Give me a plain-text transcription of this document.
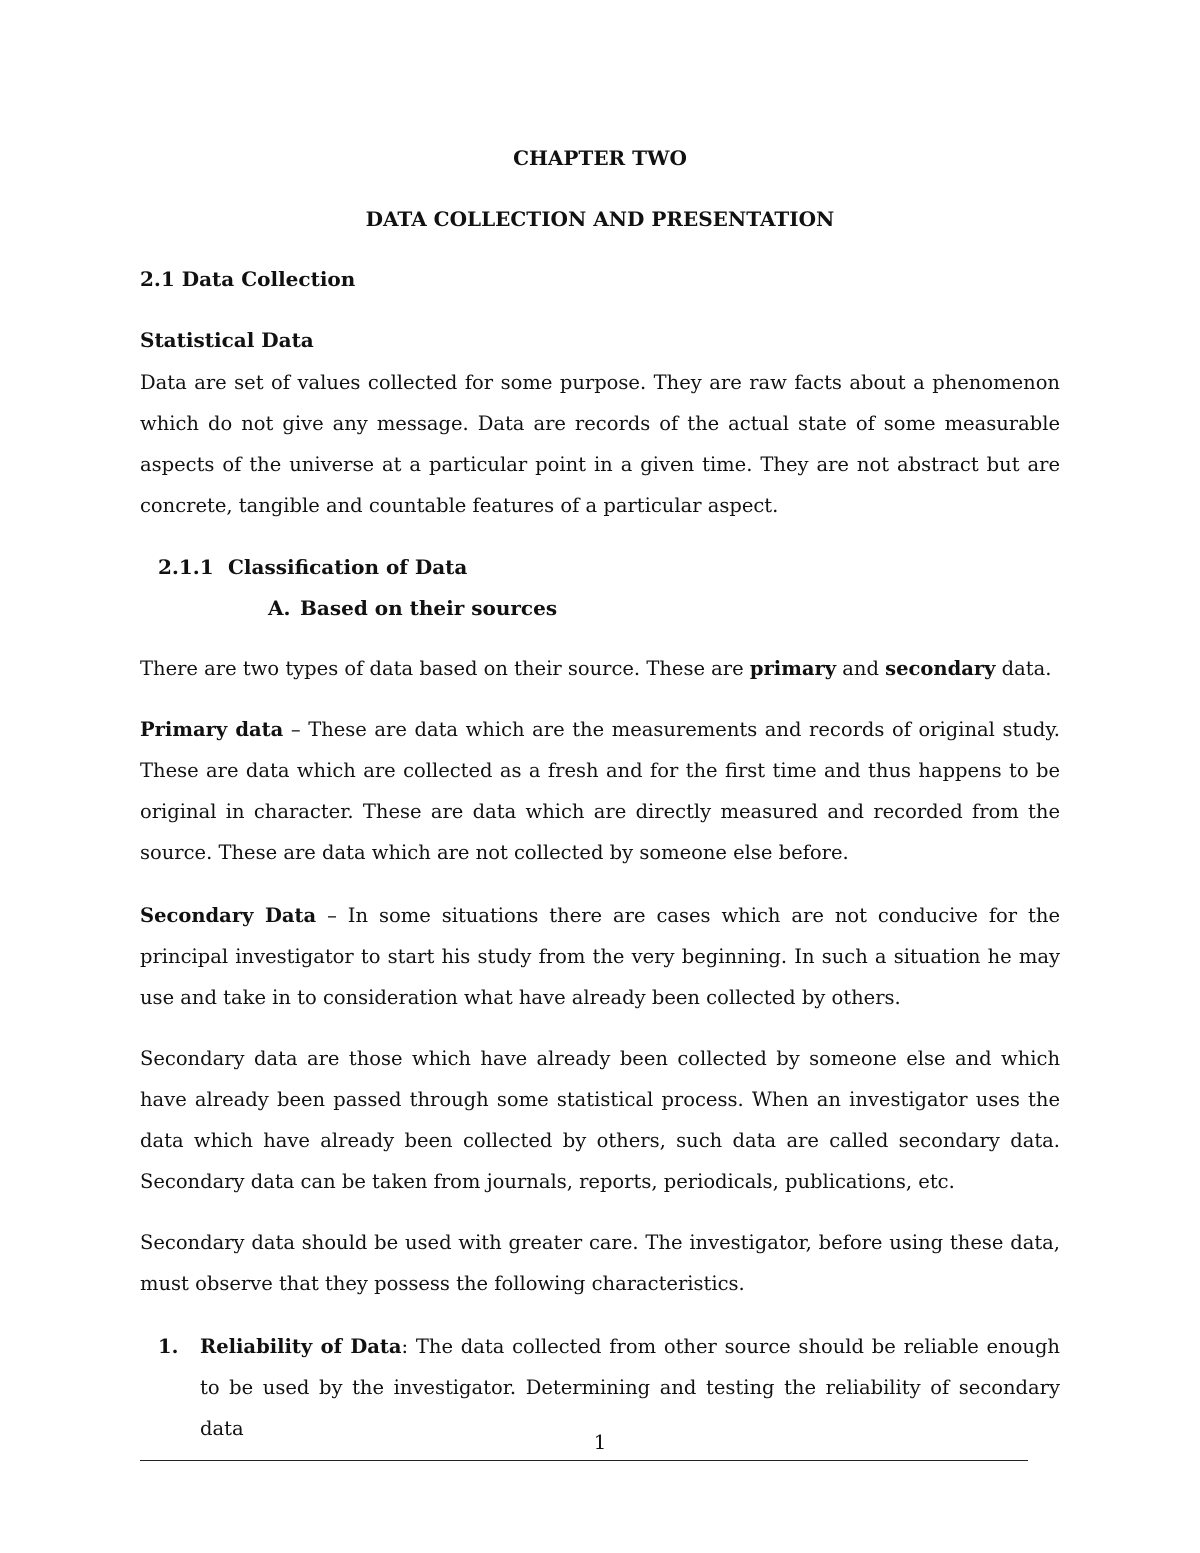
CHAPTER TWO
DATA COLLECTION AND PRESENTATION
2.1 Data Collection
Statistical Data

Data are set of values collected for some purpose. They are raw facts about a phenomenon which do not give any message. Data are records of the actual state of some measurable aspects of the universe at a particular point in a given time. They are not abstract but are concrete, tangible and countable features of a particular aspect.

2.1.1 Classification of Data
A. Based on their sources

There are two types of data based on their source. These are primary and secondary data.

Primary data – These are data which are the measurements and records of original study. These are data which are collected as a fresh and for the first time and thus happens to be original in character. These are data which are directly measured and recorded from the source. These are data which are not collected by someone else before.

Secondary Data – In some situations there are cases which are not conducive for the principal investigator to start his study from the very beginning. In such a situation he may use and take in to consideration what have already been collected by others.

Secondary data are those which have already been collected by someone else and which have already been passed through some statistical process. When an investigator uses the data which have already been collected by others, such data are called secondary data. Secondary data can be taken from journals, reports, periodicals, publications, etc.

Secondary data should be used with greater care. The investigator, before using these data, must observe that they possess the following characteristics.

1. Reliability of Data: The data collected from other source should be reliable enough to be used by the investigator. Determining and testing the reliability of secondary data
1
